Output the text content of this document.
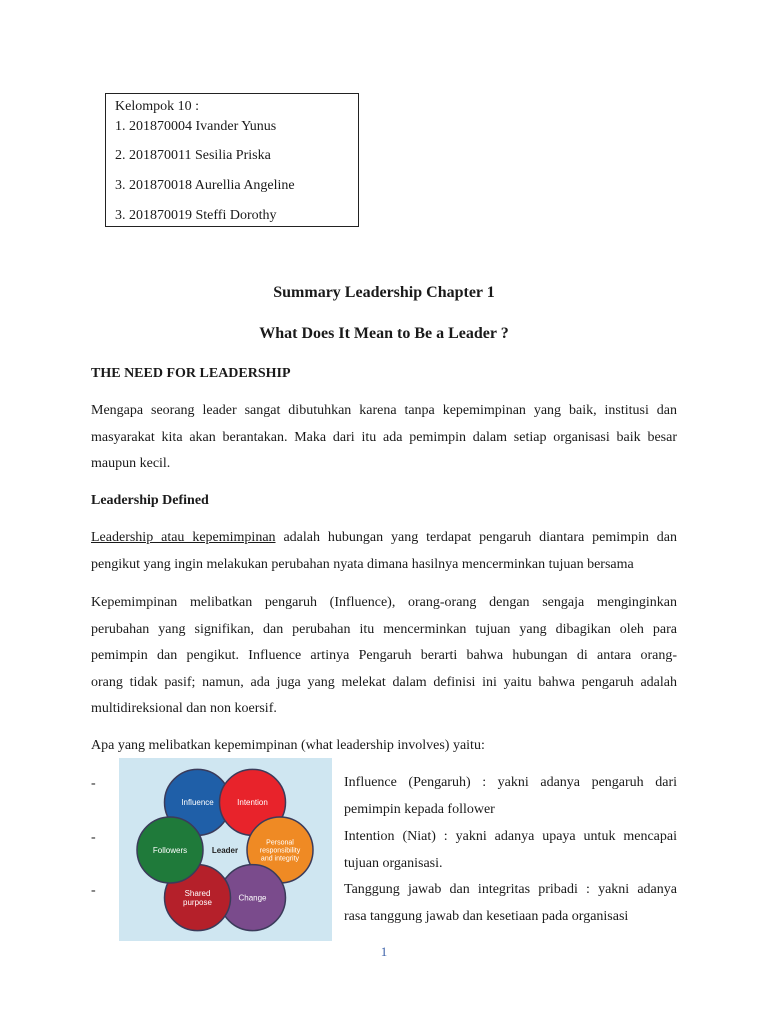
Kelompok 10 :
1. 201870004 Ivander Yunus
2. 201870011 Sesilia Priska
3. 201870018 Aurellia Angeline
3. 201870019 Steffi Dorothy
Summary Leadership Chapter 1
What Does It Mean to Be a Leader ?
THE NEED FOR LEADERSHIP
Mengapa seorang leader sangat dibutuhkan karena tanpa kepemimpinan yang baik, institusi dan
masyarakat kita akan berantakan. Maka dari itu ada pemimpin dalam setiap organisasi baik besar
maupun kecil.
Leadership Defined
Leadership atau kepemimpinan adalah hubungan yang terdapat pengaruh diantara pemimpin dan
pengikut yang ingin melakukan perubahan nyata dimana hasilnya mencerminkan tujuan bersama
Kepemimpinan melibatkan pengaruh (Influence), orang-orang dengan sengaja menginginkan
perubahan yang signifikan, dan perubahan itu mencerminkan tujuan yang dibagikan oleh para
pemimpin dan pengikut. Influence artinya Pengaruh berarti bahwa hubungan di antara orang-
orang tidak pasif; namun, ada juga yang melekat dalam definisi ini yaitu bahwa pengaruh adalah
multidireksional dan non koersif.
Apa yang melibatkan kepemimpinan (what leadership involves) yaitu:
-
-
-
Influence (Pengaruh) : yakni adanya pengaruh dari
pemimpin kepada follower
Intention (Niat) : yakni adanya upaya untuk mencapai
tujuan organisasi.
Tanggung jawab dan integritas pribadi : yakni adanya
rasa tanggung jawab dan kesetiaan pada organisasi
Influence	Intention
Personal
responsibility
and integrity
Change
Shared
purpose
Followers	Leader
1
